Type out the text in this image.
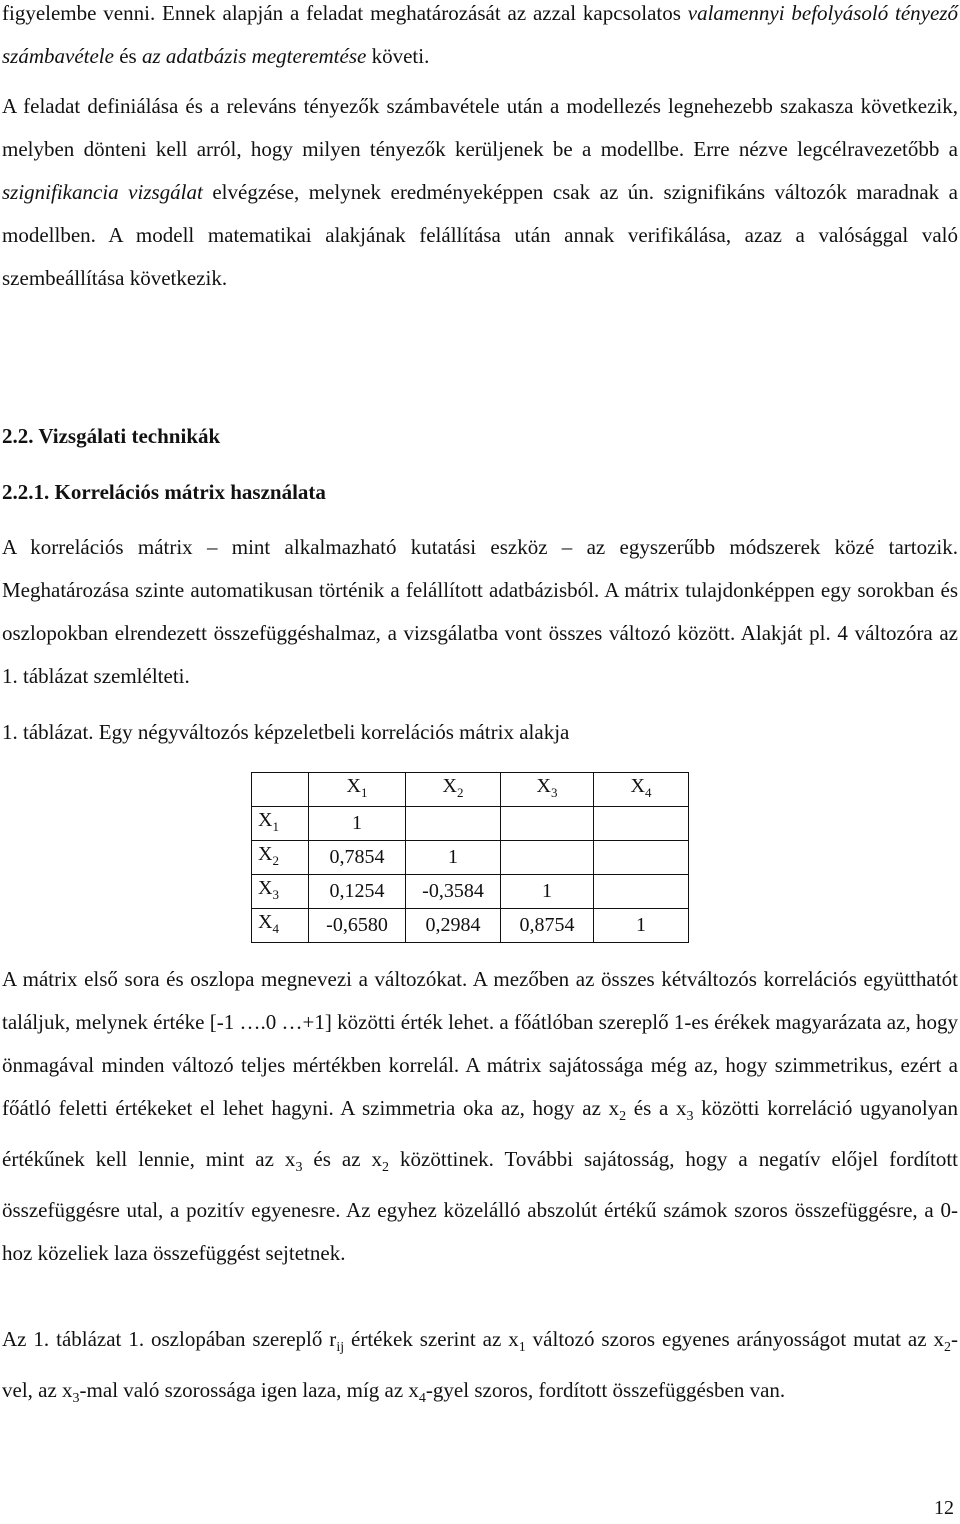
figyelembe venni. Ennek alapján a feladat meghatározását az azzal kapcsolatos valamennyi befolyásoló tényező számbavétele és az adatbázis megteremtése követi.

A feladat definiálása és a releváns tényezők számbavétele után a modellezés legnehezebb szakasza következik, melyben dönteni kell arról, hogy milyen tényezők kerüljenek be a modellbe. Erre nézve legcélravezetőbb a szignifikancia vizsgálat elvégzése, melynek eredményeképpen csak az ún. szignifikáns változók maradnak a modellben. A modell matematikai alakjának felállítása után annak verifikálása, azaz a valósággal való szembeállítása következik.

2.2. Vizsgálati technikák
2.2.1. Korrelációs mátrix használata

A korrelációs mátrix – mint alkalmazható kutatási eszköz – az egyszerűbb módszerek közé tartozik. Meghatározása szinte automatikusan történik a felállított adatbázisból. A mátrix tulajdonképpen egy sorokban és oszlopokban elrendezett összefüggéshalmaz, a vizsgálatba vont összes változó között. Alakját pl. 4 változóra az 1. táblázat szemlélteti.

1. táblázat. Egy négyváltozós képzeletbeli korrelációs mátrix alakja
	$X_1$	$X_2$	$X_3$	$X_4$
$X_1$	1			
$X_2$	0,7854	1		
$X_3$	0,1254	-0,3584	1	
$X_4$	-0,6580	0,2984	0,8754	1

A mátrix első sora és oszlopa megnevezi a változókat. A mezőben az összes kétváltozós korrelációs együtthatót találjuk, melynek értéke [-1 ….0 …+1] közötti érték lehet. a főátlóban szereplő 1-es érékek magyarázata az, hogy önmagával minden változó teljes mértékben korrelál. A mátrix sajátossága még az, hogy szimmetrikus, ezért a főátló feletti értékeket el lehet hagyni. A szimmetria oka az, hogy az $x_2$ és a $x_3$ közötti korreláció ugyanolyan értékűnek kell lennie, mint az $x_3$ és az $x_2$ közöttinek. További sajátosság, hogy a negatív előjel fordított összefüggésre utal, a pozitív egyenesre. Az egyhez közelálló abszolút értékű számok szoros összefüggésre, a 0-hoz közeliek laza összefüggést sejtetnek.

Az 1. táblázat 1. oszlopában szereplő $r_{ij}$ értékek szerint az $x_1$ változó szoros egyenes arányosságot mutat az $x_2$-vel, az $x_3$-mal való szorossága igen laza, míg az $x_4$-gyel szoros, fordított összefüggésben van.

12
